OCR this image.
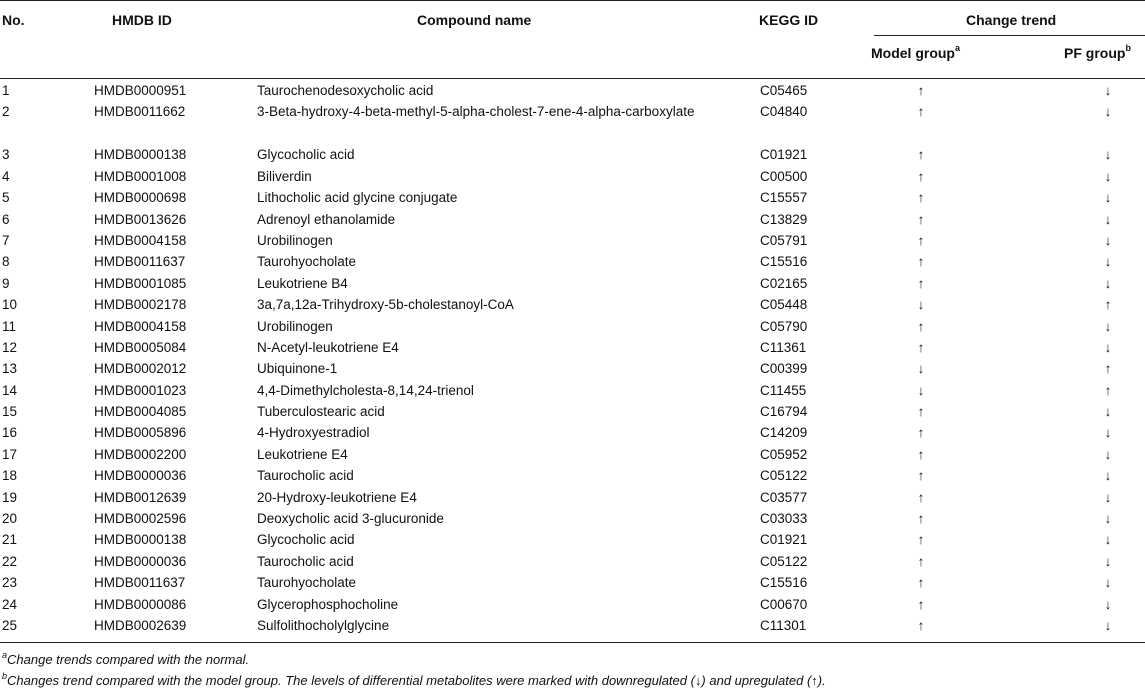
No.	HMDB ID	Compound name	KEGG ID	Change trend
Model group$^a$	PF group$^b$
1	HMDB0000951	Taurochenodesoxycholic acid	C05465	↑	↓
2	HMDB0011662	3-Beta-hydroxy-4-beta-methyl-5-alpha-cholest-7-ene-4-alpha-carboxylate	C04840	↑	↓
3	HMDB0000138	Glycocholic acid	C01921	↑	↓
4	HMDB0001008	Biliverdin	C00500	↑	↓
5	HMDB0000698	Lithocholic acid glycine conjugate	C15557	↑	↓
6	HMDB0013626	Adrenoyl ethanolamide	C13829	↑	↓
7	HMDB0004158	Urobilinogen	C05791	↑	↓
8	HMDB0011637	Taurohyocholate	C15516	↑	↓
9	HMDB0001085	Leukotriene B4	C02165	↑	↓
10	HMDB0002178	3a,7a,12a-Trihydroxy-5b-cholestanoyl-CoA	C05448	↓	↑
11	HMDB0004158	Urobilinogen	C05790	↑	↓
12	HMDB0005084	N-Acetyl-leukotriene E4	C11361	↑	↓
13	HMDB0002012	Ubiquinone-1	C00399	↓	↑
14	HMDB0001023	4,4-Dimethylcholesta-8,14,24-trienol	C11455	↓	↑
15	HMDB0004085	Tuberculostearic acid	C16794	↑	↓
16	HMDB0005896	4-Hydroxyestradiol	C14209	↑	↓
17	HMDB0002200	Leukotriene E4	C05952	↑	↓
18	HMDB0000036	Taurocholic acid	C05122	↑	↓
19	HMDB0012639	20-Hydroxy-leukotriene E4	C03577	↑	↓
20	HMDB0002596	Deoxycholic acid 3-glucuronide	C03033	↑	↓
21	HMDB0000138	Glycocholic acid	C01921	↑	↓
22	HMDB0000036	Taurocholic acid	C05122	↑	↓
23	HMDB0011637	Taurohyocholate	C15516	↑	↓
24	HMDB0000086	Glycerophosphocholine	C00670	↑	↓
25	HMDB0002639	Sulfolithocholylglycine	C11301	↑	↓
$^a$Change trends compared with the normal.
$^b$Changes trend compared with the model group. The levels of differential metabolites were marked with downregulated (↓) and upregulated (↑).
